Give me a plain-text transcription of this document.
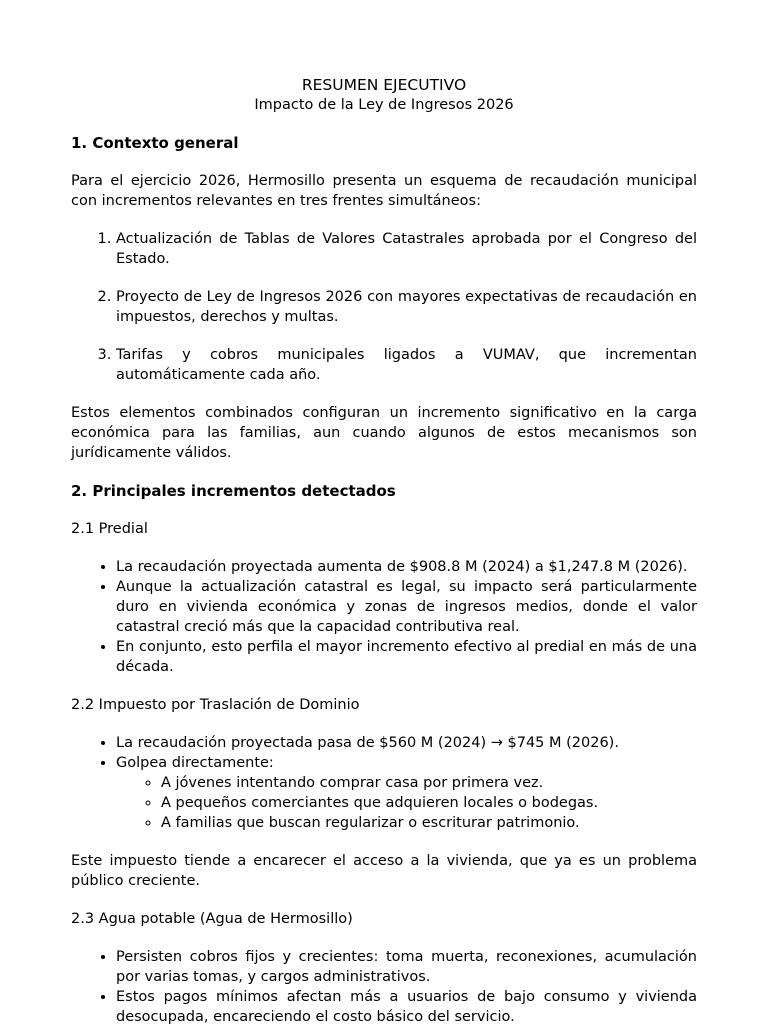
RESUMEN EJECUTIVO
Impacto de la Ley de Ingresos 2026
1. Contexto general

Para el ejercicio 2026, Hermosillo presenta un esquema de recaudación municipal con incrementos relevantes en tres frentes simultáneos:

1. Actualización de Tablas de Valores Catastrales aprobada por el Congreso del Estado.
2. Proyecto de Ley de Ingresos 2026 con mayores expectativas de recaudación en impuestos, derechos y multas.
3. Tarifas y cobros municipales ligados a VUMAV, que incrementan automáticamente cada año.

Estos elementos combinados configuran un incremento significativo en la carga económica para las familias, aun cuando algunos de estos mecanismos son jurídicamente válidos.

2. Principales incrementos detectados

2.1 Predial

• La recaudación proyectada aumenta de $908.8 M (2024) a $1,247.8 M (2026).
• Aunque la actualización catastral es legal, su impacto será particularmente duro en vivienda económica y zonas de ingresos medios, donde el valor catastral creció más que la capacidad contributiva real.
• En conjunto, esto perfila el mayor incremento efectivo al predial en más de una década.

2.2 Impuesto por Traslación de Dominio

• La recaudación proyectada pasa de $560 M (2024) → $745 M (2026).
• Golpea directamente:
◦ A jóvenes intentando comprar casa por primera vez.
◦ A pequeños comerciantes que adquieren locales o bodegas.
◦ A familias que buscan regularizar o escriturar patrimonio.

Este impuesto tiende a encarecer el acceso a la vivienda, que ya es un problema público creciente.

2.3 Agua potable (Agua de Hermosillo)

• Persisten cobros fijos y crecientes: toma muerta, reconexiones, acumulación por varias tomas, y cargos administrativos.
• Estos pagos mínimos afectan más a usuarios de bajo consumo y vivienda desocupada, encareciendo el costo básico del servicio.
